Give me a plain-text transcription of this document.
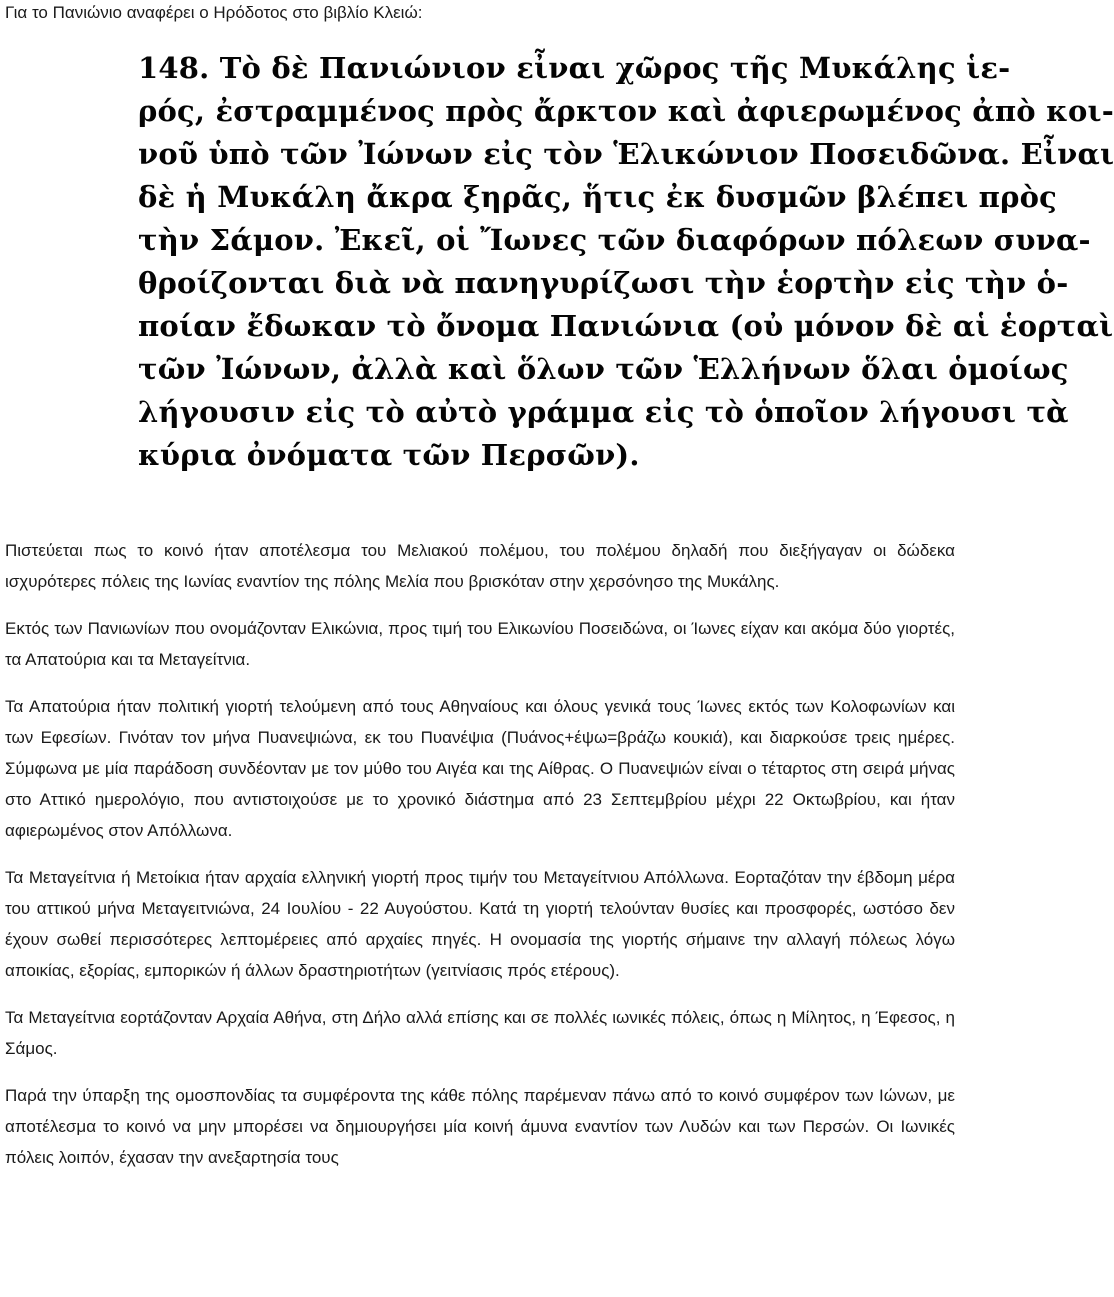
Για το Πανιώνιο αναφέρει ο Ηρόδοτος στο βιβλίο Κλειώ:
148. Τὸ δὲ Πανιώνιον εἶναι χῶρος τῆς Μυκάλης ἱε-
ρός, ἐστραμμένος πρὸς ἄρκτον καὶ ἀφιερωμένος ἀπὸ κοι-
νοῦ ὑπὸ τῶν Ἰώνων εἰς τὸν Ἑλικώνιον Ποσειδῶνα. Εἶναι
δὲ ἡ Μυκάλη ἄκρα ξηρᾶς, ἥτις ἐκ δυσμῶν βλέπει πρὸς
τὴν Σάμον. Ἐκεῖ, οἱ Ἴωνες τῶν διαφόρων πόλεων συνα-
θροίζονται διὰ νὰ πανηγυρίζωσι τὴν ἑορτὴν εἰς τὴν ὁ-
ποίαν ἔδωκαν τὸ ὄνομα Πανιώνια (οὐ μόνον δὲ αἱ ἑορταὶ
τῶν Ἰώνων, ἀλλὰ καὶ ὅλων τῶν Ἑλλήνων ὅλαι ὁμοίως
λήγουσιν εἰς τὸ αὐτὸ γράμμα εἰς τὸ ὁποῖον λήγουσι τὰ
κύρια ὀνόματα τῶν Περσῶν).

Πιστεύεται πως το κοινό ήταν αποτέλεσμα του Μελιακού πολέμου, του πολέμου δηλαδή που διεξήγαγαν οι δώδεκα ισχυρότερες πόλεις της Ιωνίας εναντίον της πόλης Μελία που βρισκόταν στην χερσόνησο της Μυκάλης.

Εκτός των Πανιωνίων που ονομάζονταν Ελικώνια, προς τιμή του Ελικωνίου Ποσειδώνα, οι Ίωνες είχαν και ακόμα δύο γιορτές, τα Απατούρια και τα Μεταγείτνια.

Τα Απατούρια ήταν πολιτική γιορτή τελούμενη από τους Αθηναίους και όλους γενικά τους Ίωνες εκτός των Κολοφωνίων και των Εφεσίων. Γινόταν τον μήνα Πυανεψιώνα, εκ του Πυανέψια (Πυάνος+έψω=βράζω κουκιά), και διαρκούσε τρεις ημέρες. Σύμφωνα με μία παράδοση συνδέονταν με τον μύθο του Αιγέα και της Αίθρας. Ο Πυανεψιών είναι ο τέταρτος στη σειρά μήνας στο Αττικό ημερολόγιο, που αντιστοιχούσε με το χρονικό διάστημα από 23 Σεπτεμβρίου μέχρι 22 Οκτωβρίου, και ήταν αφιερωμένος στον Απόλλωνα.

Τα Μεταγείτνια ή Μετοίκια ήταν αρχαία ελληνική γιορτή προς τιμήν του Μεταγείτνιου Απόλλωνα. Εορταζόταν την έβδομη μέρα του αττικού μήνα Μεταγειτνιώνα, 24 Ιουλίου - 22 Αυγούστου. Κατά τη γιορτή τελούνταν θυσίες και προσφορές, ωστόσο δεν έχουν σωθεί περισσότερες λεπτομέρειες από αρχαίες πηγές. Η ονομασία της γιορτής σήμαινε την αλλαγή πόλεως λόγω αποικίας, εξορίας, εμπορικών ή άλλων δραστηριοτήτων (γειτνίασις πρός ετέρους).

Τα Μεταγείτνια εορτάζονταν Αρχαία Αθήνα, στη Δήλο αλλά επίσης και σε πολλές ιωνικές πόλεις, όπως η Μίλητος, η Έφεσος, η Σάμος.

Παρά την ύπαρξη της ομοσπονδίας τα συμφέροντα της κάθε πόλης παρέμεναν πάνω από το κοινό συμφέρον των Ιώνων, με αποτέλεσμα το κοινό να μην μπορέσει να δημιουργήσει μία κοινή άμυνα εναντίον των Λυδών και των Περσών. Οι Ιωνικές πόλεις λοιπόν, έχασαν την ανεξαρτησία τους
